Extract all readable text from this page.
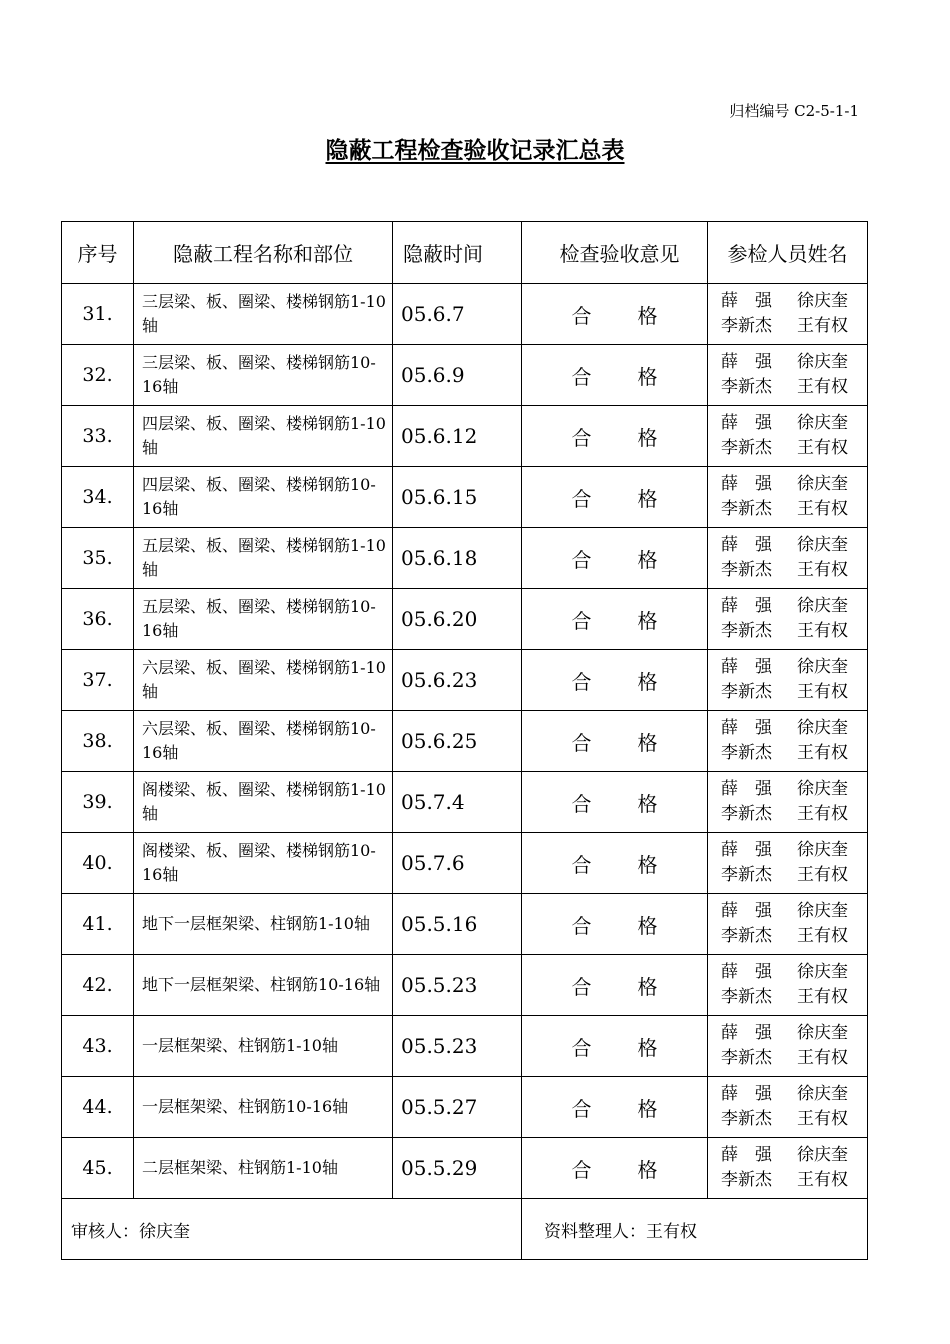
归档编号 C2-5-1-1
隐蔽工程检查验收记录汇总表
序号	隐蔽工程名称和部位	隐蔽时间	检查验收意见	参检人员姓名
31.	三层梁、板、圈梁、楼梯钢筋1-10轴	05.6.7	合 格	薛　强 徐庆奎
李新杰 王有权

32.	三层梁、板、圈梁、楼梯钢筋10-16轴	05.6.9	合 格	薛　强 徐庆奎
李新杰 王有权

33.	四层梁、板、圈梁、楼梯钢筋1-10轴	05.6.12	合 格	薛　强 徐庆奎
李新杰 王有权

34.	四层梁、板、圈梁、楼梯钢筋10-16轴	05.6.15	合 格	薛　强 徐庆奎
李新杰 王有权

35.	五层梁、板、圈梁、楼梯钢筋1-10轴	05.6.18	合 格	薛　强 徐庆奎
李新杰 王有权

36.	五层梁、板、圈梁、楼梯钢筋10-16轴	05.6.20	合 格	薛　强 徐庆奎
李新杰 王有权

37.	六层梁、板、圈梁、楼梯钢筋1-10轴	05.6.23	合 格	薛　强 徐庆奎
李新杰 王有权

38.	六层梁、板、圈梁、楼梯钢筋10-16轴	05.6.25	合 格	薛　强 徐庆奎
李新杰 王有权

39.	阁楼梁、板、圈梁、楼梯钢筋1-10轴	05.7.4	合 格	薛　强 徐庆奎
李新杰 王有权

40.	阁楼梁、板、圈梁、楼梯钢筋10-16轴	05.7.6	合 格	薛　强 徐庆奎
李新杰 王有权

41.	地下一层框架梁、柱钢筋1-10轴	05.5.16	合 格	薛　强 徐庆奎
李新杰 王有权

42.	地下一层框架梁、柱钢筋10-16轴	05.5.23	合 格	薛　强 徐庆奎
李新杰 王有权

43.	一层框架梁、柱钢筋1-10轴	05.5.23	合 格	薛　强 徐庆奎
李新杰 王有权

44.	一层框架梁、柱钢筋10-16轴	05.5.27	合 格	薛　强 徐庆奎
李新杰 王有权

45.	二层框架梁、柱钢筋1-10轴	05.5.29	合 格	薛　强 徐庆奎
李新杰 王有权

审核人：徐庆奎			资料整理人：王有权	
